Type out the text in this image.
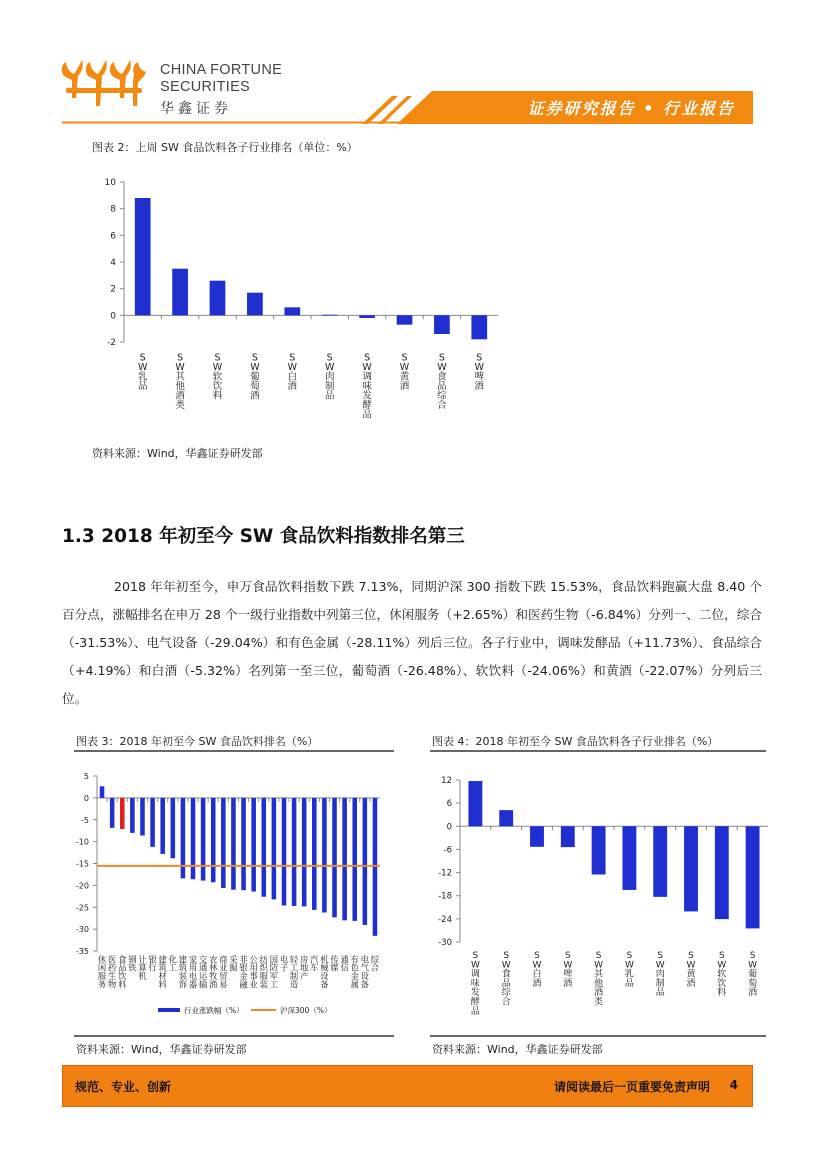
CHINA FORTUNE
SECURITIES
华鑫证券	证券研究报告 • 行业报告
图表 2：上周 SW 食品饮料各子行业排名（单位：%）
-2
0
2
4
6
8
10
S W 乳品
S W 其他酒类
S W 软饮料
S W 葡萄酒
S W 白酒
S W 肉制品
S W 调味发酵品
S W 黄酒
S W 食品综合
S W 啤酒
资料来源：Wind，华鑫证券研发部
1.3 2018 年初至今 SW 食品饮料指数排名第三
2018 年年初至今，申万食品饮料指数下跌 7.13%，同期沪深 300 指数下跌 15.53%，食品饮料跑赢大盘 8.40 个百分点，涨幅排名在申万 28 个一级行业指数中列第三位，休闲服务（+2.65%）和医药生物（-6.84%）分列一、二位，综合（-31.53%）、电气设备（-29.04%）和有色金属（-28.11%）列后三位。各子行业中，调味发酵品（+11.73%）、食品综合（+4.19%）和白酒（-5.32%）名列第一至三位，葡萄酒（-26.48%）、软饮料（-24.06%）和黄酒（-22.07%）分列后三位。
图表 3：2018 年初至今 SW 食品饮料排名（%）
5
0
-5
-10
-15
-20
-25
-30
-35
休闲服务
医药生物
食品饮料
钢铁
计算机
银行
建筑材料
化工
建筑装饰
家用电器
交通运输
农林牧渔
商业贸易
采掘
非银金融
公用事业
纺织服装
国防军工
电子
轻工制造
房地产
汽车
机械设备
传媒
通信
有色金属
电气设备
综合
行业涨跌幅（%）	沪深300（%）
资料来源：Wind，华鑫证券研发部
图表 4：2018 年初至今 SW 食品饮料各子行业排名（%）
12
6
0
-6
-12
-18
-24
-30
S W 调味发酵品
S W 食品综合
S W 白酒
S W 啤酒
S W 其他酒类
S W 乳品
S W 肉制品
S W 黄酒
S W 软饮料
S W 葡萄酒
资料来源：Wind，华鑫证券研发部
规范、专业、创新	请阅读最后一页重要免责声明 4
